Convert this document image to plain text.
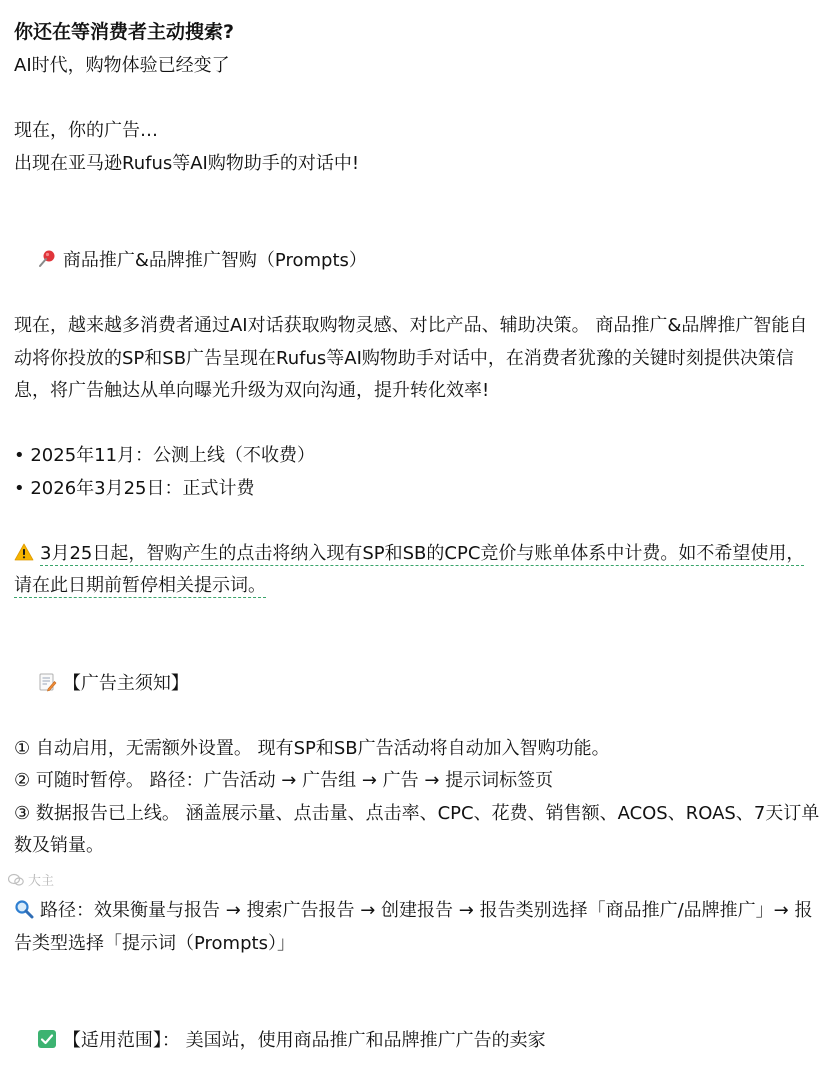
你还在等消费者主动搜索?
AI时代，购物体验已经变了
现在，你的广告…
出现在亚马逊Rufus等AI购物助手的对话中!

商品推广&品牌推广智购（Prompts）

现在，越来越多消费者通过AI对话获取购物灵感、对比产品、辅助决策。 商品推广&品牌推广智能自动将你投放的SP和SB广告呈现在Rufus等AI购物助手对话中，在消费者犹豫的关键时刻提供决策信息，将广告触达从单向曝光升级为双向沟通，提升转化效率!
• 2025年11月：公测上线（不收费）
• 2026年3月25日：正式计费
3月25日起，智购产生的点击将纳入现有SP和SB的CPC竞价与账单体系中计费。如不希望使用，请在此日期前暂停相关提示词。

【广告主须知】

① 自动启用，无需额外设置。 现有SP和SB广告活动将自动加入智购功能。
② 可随时暂停。 路径：广告活动 → 广告组 → 广告 → 提示词标签页
③ 数据报告已上线。 涵盖展示量、点击量、点击率、CPC、花费、销售额、ACOS、ROAS、7天订单数及销量。
路径：效果衡量与报告 → 搜索广告报告 → 创建报告 → 报告类别选择「商品推广/品牌推广」→ 报告类型选择「提示词（Prompts）」

【适用范围】： 美国站，使用商品推广和品牌推广广告的卖家

大主
